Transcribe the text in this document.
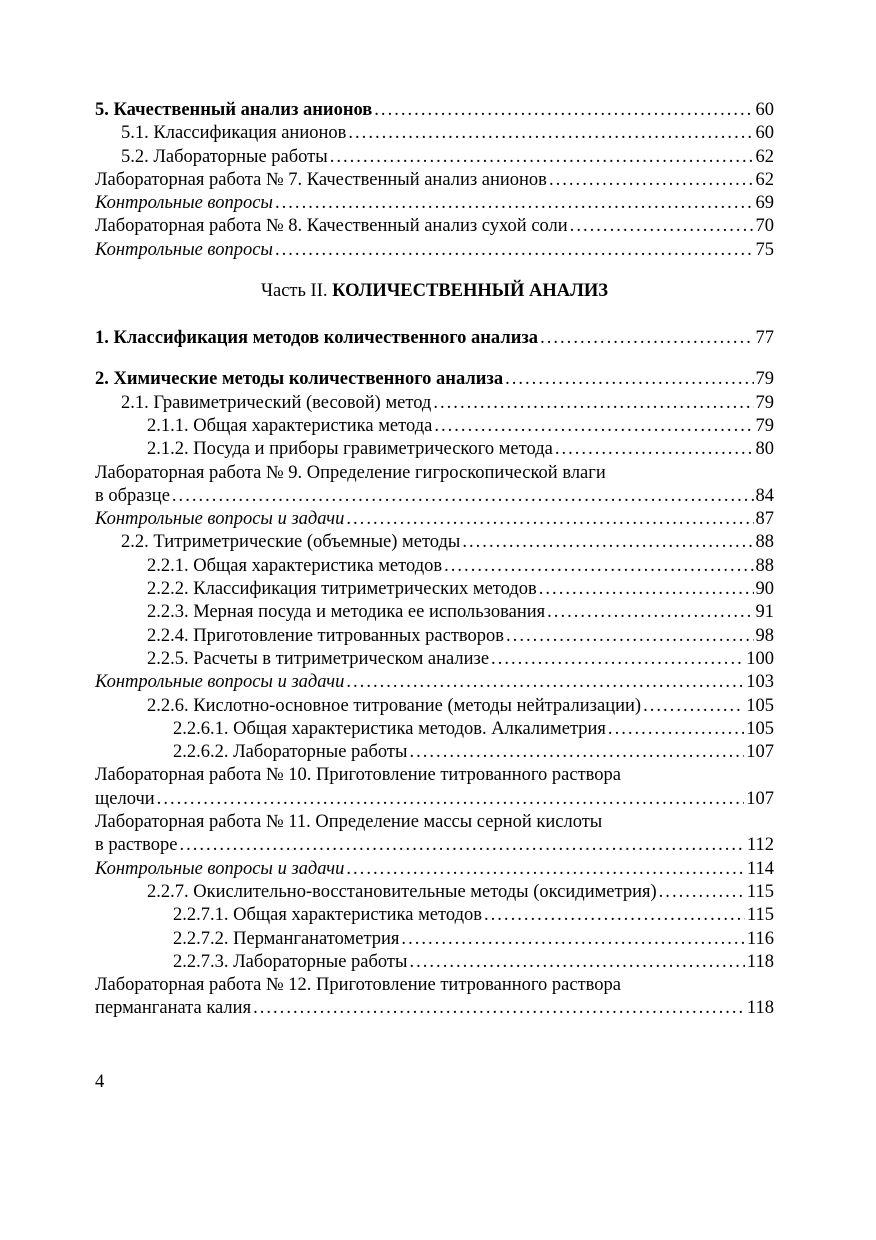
5. Качественный анализ анионов . . .	60
5.1. Классификация анионов . . .	60
5.2. Лабораторные работы . . .	62
Лабораторная работа № 7. Качественный анализ анионов . . .	62
Контрольные вопросы . . .	69
Лабораторная работа № 8. Качественный анализ сухой соли . . .	70
Контрольные вопросы . . .	75
Часть II. КОЛИЧЕСТВЕННЫЙ АНАЛИЗ
1. Классификация методов количественного анализа . . .	77
2. Химические методы количественного анализа . . .	79
2.1. Гравиметрический (весовой) метод . . .	79
2.1.1. Общая характеристика метода . . .	79
2.1.2. Посуда и приборы гравиметрического метода . . .	80
Лабораторная работа № 9. Определение гигроскопической влаги
в образце . . .	84
Контрольные вопросы и задачи . . .	87
2.2. Титриметрические (объемные) методы . . .	88
2.2.1. Общая характеристика методов . . .	88
2.2.2. Классификация титриметрических методов . . .	90
2.2.3. Мерная посуда и методика ее использования . . .	91
2.2.4. Приготовление титрованных растворов . . .	98
2.2.5. Расчеты в титриметрическом анализе . . .	100
Контрольные вопросы и задачи . . .	103
2.2.6. Кислотно-основное титрование (методы нейтрализации) . . .	105
2.2.6.1. Общая характеристика методов. Алкалиметрия . . .	105
2.2.6.2. Лабораторные работы . . .	107
Лабораторная работа № 10. Приготовление титрованного раствора
щелочи . . .	107
Лабораторная работа № 11. Определение массы серной кислоты
в растворе . . .	112
Контрольные вопросы и задачи . . .	114
2.2.7. Окислительно-восстановительные методы (оксидиметрия) . . .	115
2.2.7.1. Общая характеристика методов . . .	115
2.2.7.2. Перманганатометрия . . .	116
2.2.7.3. Лабораторные работы . . .	118
Лабораторная работа № 12. Приготовление титрованного раствора
перманганата калия . . .	118
4
